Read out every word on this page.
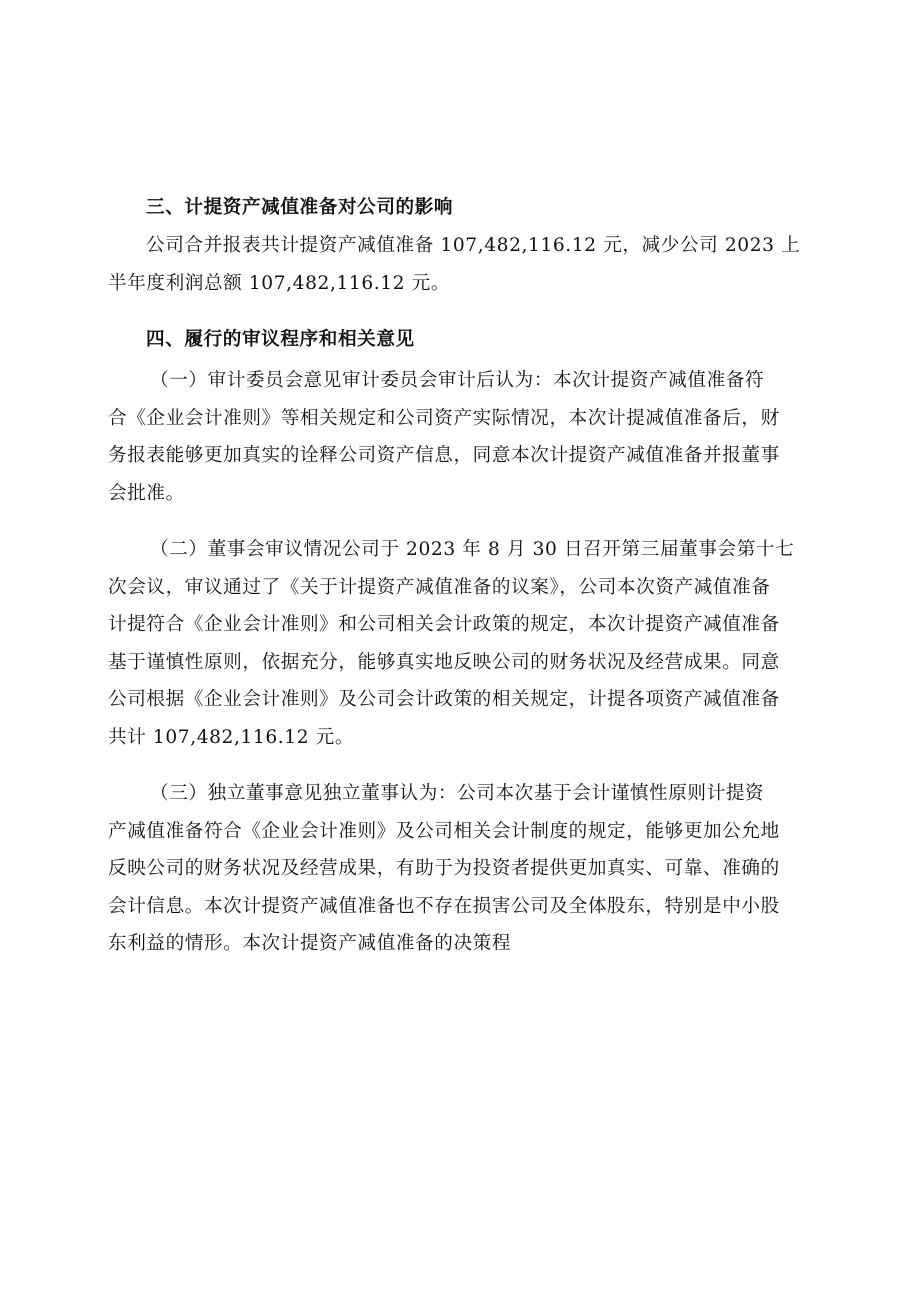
三、计提资产减值准备对公司的影响
公司合并报表共计提资产减值准备 107,482,116.12 元，减少公司 2023 上
半年度利润总额 107,482,116.12 元。
四、履行的审议程序和相关意见
（一）审计委员会意见审计委员会审计后认为：本次计提资产减值准备符
合《企业会计准则》等相关规定和公司资产实际情况，本次计提减值准备后，财
务报表能够更加真实的诠释公司资产信息，同意本次计提资产减值准备并报董事
会批准。
（二）董事会审议情况公司于 2023 年 8 月 30 日召开第三届董事会第十七
次会议，审议通过了《关于计提资产减值准备的议案》，公司本次资产减值准备
计提符合《企业会计准则》和公司相关会计政策的规定，本次计提资产减值准备
基于谨慎性原则，依据充分，能够真实地反映公司的财务状况及经营成果。同意
公司根据《企业会计准则》及公司会计政策的相关规定，计提各项资产减值准备
共计 107,482,116.12 元。
（三）独立董事意见独立董事认为：公司本次基于会计谨慎性原则计提资
产减值准备符合《企业会计准则》及公司相关会计制度的规定，能够更加公允地
反映公司的财务状况及经营成果，有助于为投资者提供更加真实、可靠、准确的
会计信息。本次计提资产减值准备也不存在损害公司及全体股东，特别是中小股
东利益的情形。本次计提资产减值准备的决策程
